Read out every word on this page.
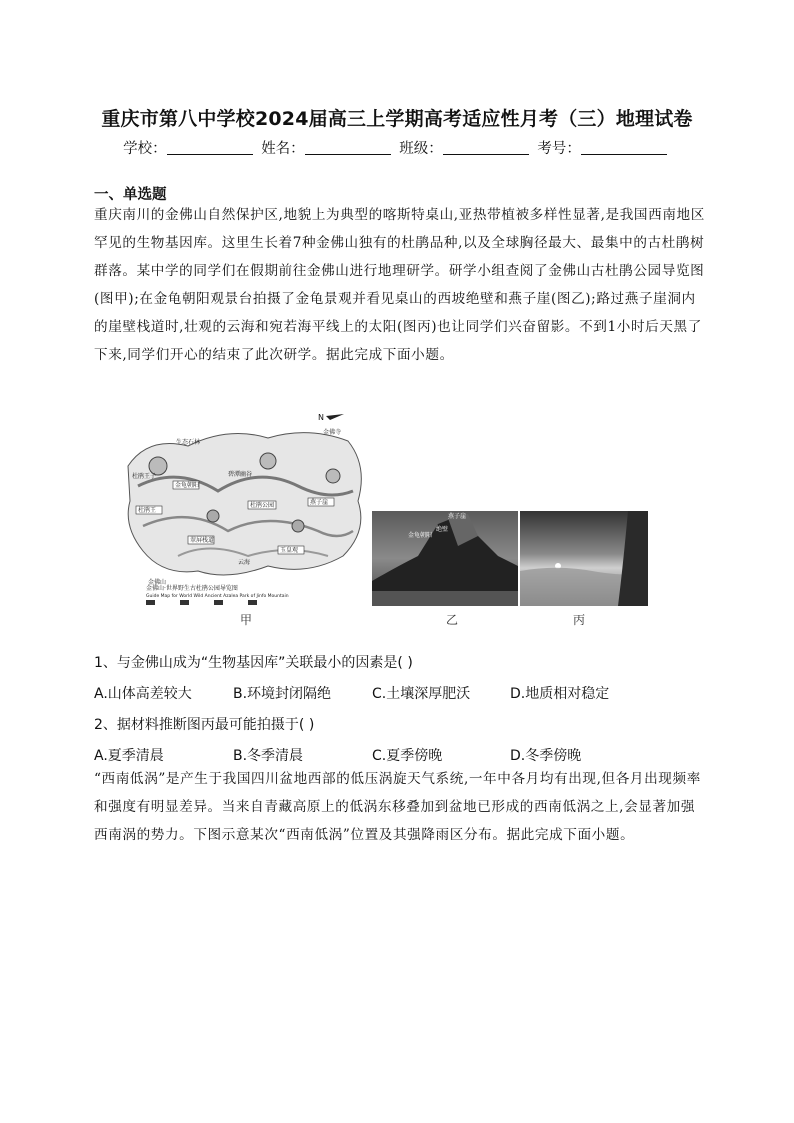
重庆市第八中学校2024届高三上学期高考适应性月考（三）地理试卷
学校：	姓名：	班级：	考号：
一、单选题
重庆南川的金佛山自然保护区,地貌上为典型的喀斯特桌山,亚热带植被多样性显著,是我国西南地区罕见的生物基因库。这里生长着7种金佛山独有的杜鹃品种,以及全球胸径最大、最集中的古杜鹃树群落。某中学的同学们在假期前往金佛山进行地理研学。研学小组查阅了金佛山古杜鹃公园导览图(图甲);在金龟朝阳观景台拍摄了金龟景观并看见桌山的西坡绝壁和燕子崖(图乙);路过燕子崖洞内的崖壁栈道时,壮观的云海和宛若海平线上的太阳(图丙)也让同学们兴奋留影。不到1小时后天黑了下来,同学们开心的结束了此次研学。据此完成下面小题。
杜鹃王子
生态石林
金佛寺
杜鹃公园	燕子崖
金龟朝阳
翠屏栈道
玉皇观
杜鹃王
碧潭幽谷
云海
金佛山
N
金佛山·世界野生古杜鹃公园导览图
Guide Map for World Wild Ancient Azalea Park of Jinfo Mountain
甲
燕子崖
绝壁
金龟朝阳
乙	丙
1、与金佛山成为“生物基因库”关联最小的因素是( )
A.山体高差较大	B.环境封闭隔绝	C.土壤深厚肥沃	D.地质相对稳定
2、据材料推断图丙最可能拍摄于( )
A.夏季清晨	B.冬季清晨	C.夏季傍晚	D.冬季傍晚
“西南低涡”是产生于我国四川盆地西部的低压涡旋天气系统,一年中各月均有出现,但各月出现频率和强度有明显差异。当来自青藏高原上的低涡东移叠加到盆地已形成的西南低涡之上,会显著加强西南涡的势力。下图示意某次“西南低涡”位置及其强降雨区分布。据此完成下面小题。
